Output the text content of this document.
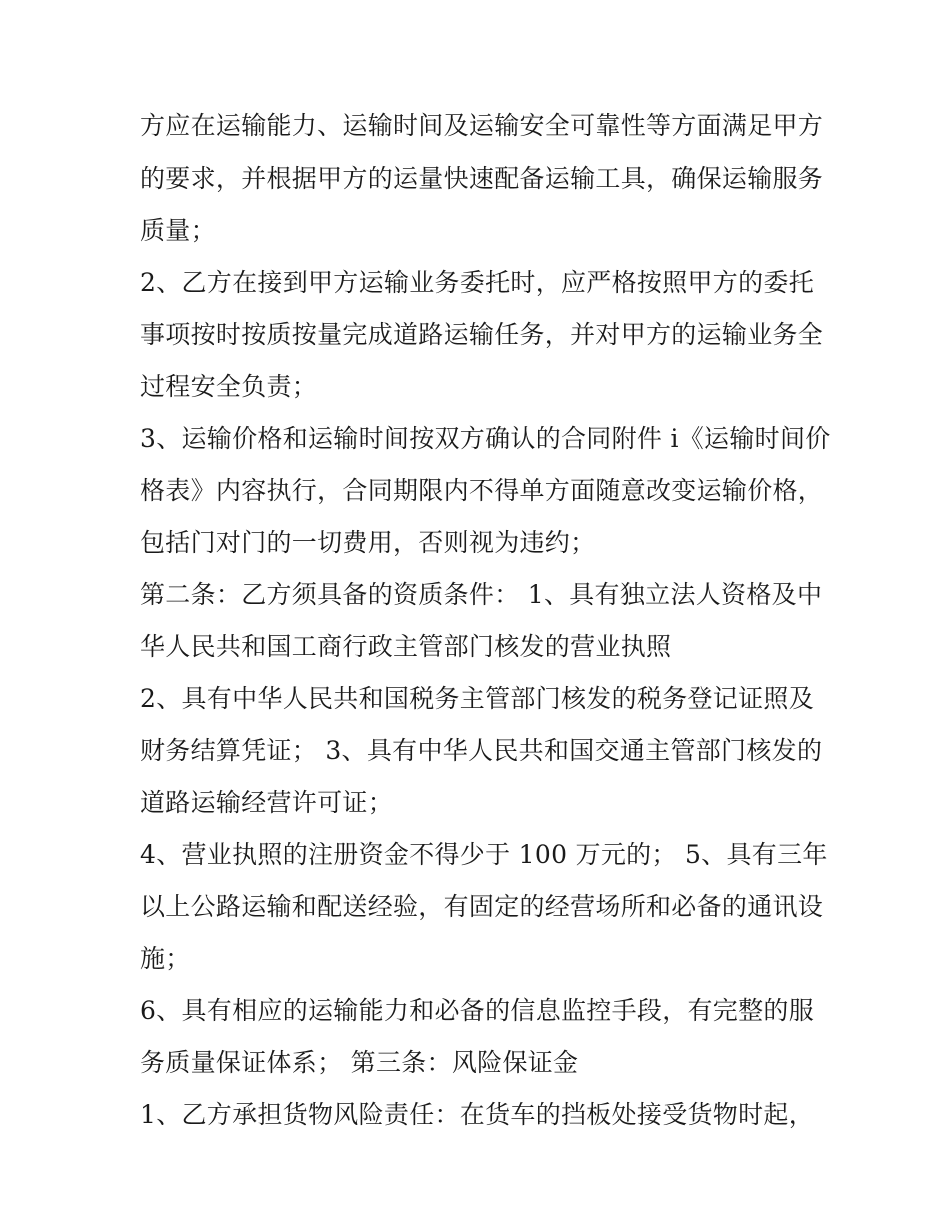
方应在运输能力、运输时间及运输安全可靠性等方面满足甲方
的要求，并根据甲方的运量快速配备运输工具，确保运输服务
质量；
2、乙方在接到甲方运输业务委托时，应严格按照甲方的委托
事项按时按质按量完成道路运输任务，并对甲方的运输业务全
过程安全负责；
3、运输价格和运输时间按双方确认的合同附件 i《运输时间价
格表》内容执行，合同期限内不得单方面随意改变运输价格，
包括门对门的一切费用，否则视为违约；
第二条：乙方须具备的资质条件： 1、具有独立法人资格及中
华人民共和国工商行政主管部门核发的营业执照
2、具有中华人民共和国税务主管部门核发的税务登记证照及
财务结算凭证； 3、具有中华人民共和国交通主管部门核发的
道路运输经营许可证；
4、营业执照的注册资金不得少于 100 万元的； 5、具有三年
以上公路运输和配送经验，有固定的经营场所和必备的通讯设
施；
6、具有相应的运输能力和必备的信息监控手段，有完整的服
务质量保证体系； 第三条：风险保证金
1、乙方承担货物风险责任：在货车的挡板处接受货物时起，
